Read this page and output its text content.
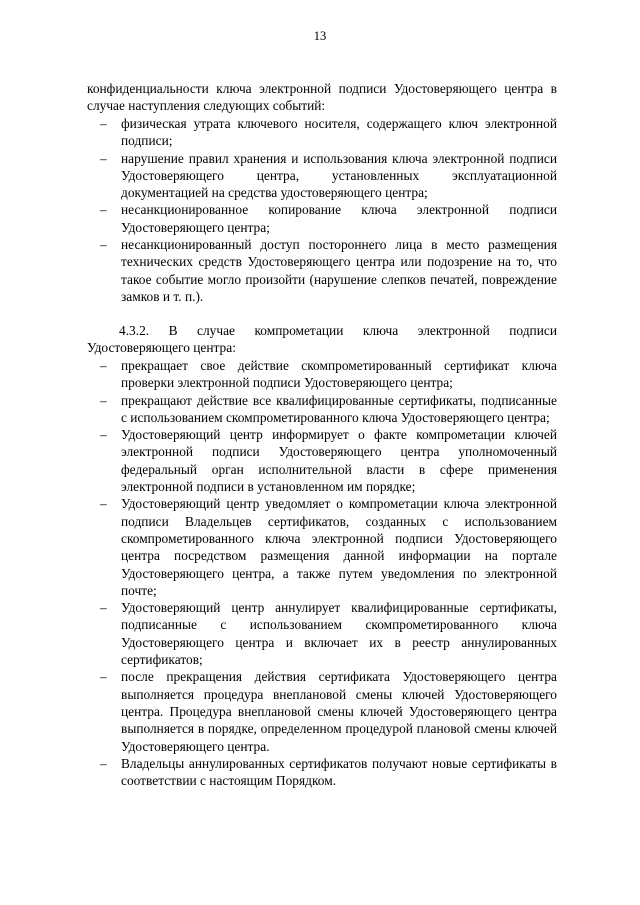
13
конфиденциальности ключа электронной подписи Удостоверяющего центра в случае наступления следующих событий:
– физическая утрата ключевого носителя, содержащего ключ электронной подписи;
– нарушение правил хранения и использования ключа электронной подписи Удостоверяющего центра, установленных эксплуатационной документацией на средства удостоверяющего центра;
– несанкционированное копирование ключа электронной подписи Удостоверяющего центра;
– несанкционированный доступ постороннего лица в место размещения технических средств Удостоверяющего центра или подозрение на то, что такое событие могло произойти (нарушение слепков печатей, повреждение замков и т. п.).
4.3.2. В случае компрометации ключа электронной подписи Удостоверяющего центра:
– прекращает свое действие скомпрометированный сертификат ключа проверки электронной подписи Удостоверяющего центра;
– прекращают действие все квалифицированные сертификаты, подписанные с использованием скомпрометированного ключа Удостоверяющего центра;
– Удостоверяющий центр информирует о факте компрометации ключей электронной подписи Удостоверяющего центра уполномоченный федеральный орган исполнительной власти в сфере применения электронной подписи в установленном им порядке;
– Удостоверяющий центр уведомляет о компрометации ключа электронной подписи Владельцев сертификатов, созданных с использованием скомпрометированного ключа электронной подписи Удостоверяющего центра посредством размещения данной информации на портале Удостоверяющего центра, а также путем уведомления по электронной почте;
– Удостоверяющий центр аннулирует квалифицированные сертификаты, подписанные с использованием скомпрометированного ключа Удостоверяющего центра и включает их в реестр аннулированных сертификатов;
– после прекращения действия сертификата Удостоверяющего центра выполняется процедура внеплановой смены ключей Удостоверяющего центра. Процедура внеплановой смены ключей Удостоверяющего центра выполняется в порядке, определенном процедурой плановой смены ключей Удостоверяющего центра.
– Владельцы аннулированных сертификатов получают новые сертификаты в соответствии с настоящим Порядком.
